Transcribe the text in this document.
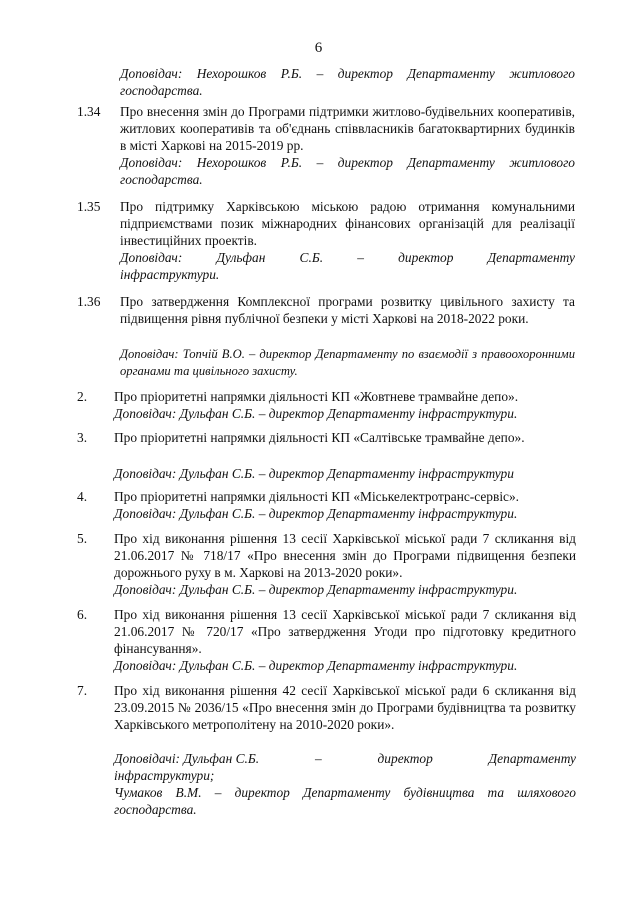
6
Доповідач: Нехорошков Р.Б. – директор Департаменту житлового господарства.
1.34 Про внесення змін до Програми підтримки житлово-будівельних кооперативів, житлових кооперативів та об'єднань співвласників багатоквартирних будинків в місті Харкові на 2015-2019 рр.
Доповідач: Нехорошков Р.Б. – директор Департаменту житлового господарства.
1.35 Про підтримку Харківською міською радою отримання комунальними підприємствами позик міжнародних фінансових організацій для реалізації інвестиційних проектів.
Доповідач:	Дульфан	С.Б.	–	директор	Департаменту
інфраструктури.
1.36 Про затвердження Комплексної програми розвитку цивільного захисту та підвищення рівня публічної безпеки у місті Харкові на 2018-2022 роки.
Доповідач: Топчій В.О. – директор Департаменту по взаємодії з правоохоронними органами та цивільного захисту.
2. Про пріоритетні напрямки діяльності КП «Жовтневе трамвайне депо».
Доповідач: Дульфан С.Б. – директор Департаменту інфраструктури.
3. Про пріоритетні напрямки діяльності КП «Салтівське трамвайне депо».
Доповідач: Дульфан С.Б. – директор Департаменту інфраструктури
4. Про пріоритетні напрямки діяльності КП «Міськелектротранс-сервіс».
Доповідач: Дульфан С.Б. – директор Департаменту інфраструктури.
5. Про хід виконання рішення 13 сесії Харківської міської ради 7 скликання від 21.06.2017 № 718/17 «Про внесення змін до Програми підвищення безпеки дорожнього руху в м. Харкові на 2013-2020 роки».
Доповідач: Дульфан С.Б. – директор Департаменту інфраструктури.
6. Про хід виконання рішення 13 сесії Харківської міської ради 7 скликання від 21.06.2017 № 720/17 «Про затвердження Угоди про підготовку кредитного фінансування».
Доповідач: Дульфан С.Б. – директор Департаменту інфраструктури.
7. Про хід виконання рішення 42 сесії Харківської міської ради 6 скликання від 23.09.2015 № 2036/15 «Про внесення змін до Програми будівництва та розвитку Харківського метрополітену на 2010-2020 роки».
Доповідачі: Дульфан С.Б.	–	директор	Департаменту
інфраструктури;
Чумаков В.М. – директор Департаменту будівництва та шляхового господарства.
